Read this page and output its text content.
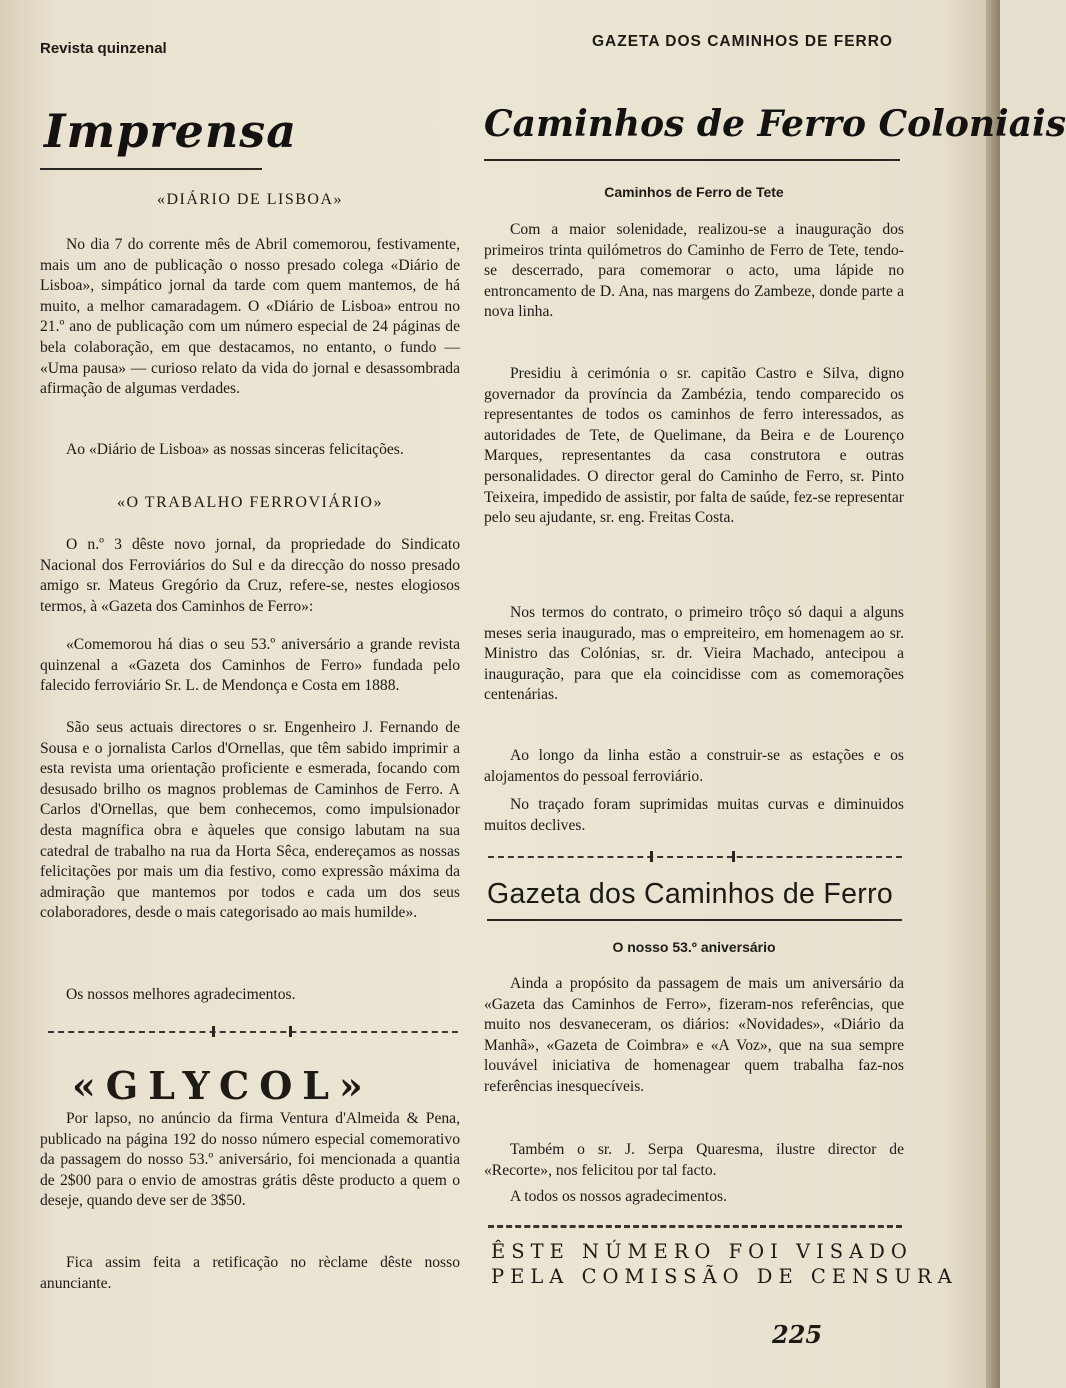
Revista quinzenal	GAZETA DOS CAMINHOS DE FERRO
Imprensa
«DIÁRIO DE LISBOA»

No dia 7 do corrente mês de Abril comemorou, festivamente, mais um ano de publicação o nosso presado colega «Diário de Lisboa», simpático jornal da tarde com quem mantemos, de há muito, a melhor camaradagem. O «Diário de Lisboa» entrou no 21.º ano de publicação com um número especial de 24 páginas de bela colaboração, em que destacamos, no entanto, o fundo — «Uma pausa» — curioso relato da vida do jornal e desassombrada afirmação de algumas verdades.

Ao «Diário de Lisboa» as nossas sinceras felicitações.

«O TRABALHO FERROVIÁRIO»

O n.º 3 dêste novo jornal, da propriedade do Sindicato Nacional dos Ferroviários do Sul e da direcção do nosso presado amigo sr. Mateus Gregório da Cruz, refere-se, nestes elogiosos termos, à «Gazeta dos Caminhos de Ferro»:

«Comemorou há dias o seu 53.º aniversário a grande revista quinzenal a «Gazeta dos Caminhos de Ferro» fundada pelo falecido ferroviário Sr. L. de Mendonça e Costa em 1888.

São seus actuais directores o sr. Engenheiro J. Fernando de Sousa e o jornalista Carlos d'Ornellas, que têm sabido imprimir a esta revista uma orientação proficiente e esmerada, focando com desusado brilho os magnos problemas de Caminhos de Ferro. A Carlos d'Ornellas, que bem conhecemos, como impulsionador desta magnífica obra e àqueles que consigo labutam na sua catedral de trabalho na rua da Horta Sêca, endereçamos as nossas felicitações por mais um dia festivo, como expressão máxima da admiração que mantemos por todos e cada um dos seus colaboradores, desde o mais categorisado ao mais humilde».

Os nossos melhores agradecimentos.

«GLYCOL»

Por lapso, no anúncio da firma Ventura d'Almeida & Pena, publicado na página 192 do nosso número especial comemorativo da passagem do nosso 53.º aniversário, foi mencionada a quantia de 2$00 para o envio de amostras grátis dêste producto a quem o deseje, quando deve ser de 3$50.

Fica assim feita a retificação no rèclame dêste nosso anunciante.

Caminhos de Ferro Coloniais
Caminhos de Ferro de Tete

Com a maior solenidade, realizou-se a inauguração dos primeiros trinta quilómetros do Caminho de Ferro de Tete, tendo-se descerrado, para comemorar o acto, uma lápide no entroncamento de D. Ana, nas margens do Zambeze, donde parte a nova linha.

Presidiu à cerimónia o sr. capitão Castro e Silva, digno governador da província da Zambézia, tendo comparecido os representantes de todos os caminhos de ferro interessados, as autoridades de Tete, de Quelimane, da Beira e de Lourenço Marques, representantes da casa construtora e outras personalidades. O director geral do Caminho de Ferro, sr. Pinto Teixeira, impedido de assistir, por falta de saúde, fez-se representar pelo seu ajudante, sr. eng. Freitas Costa.

Nos termos do contrato, o primeiro trôço só daqui a alguns meses seria inaugurado, mas o empreiteiro, em homenagem ao sr. Ministro das Colónias, sr. dr. Vieira Machado, antecipou a inauguração, para que ela coincidisse com as comemorações centenárias.

Ao longo da linha estão a construir-se as estações e os alojamentos do pessoal ferroviário.

No traçado foram suprimidas muitas curvas e diminuidos muitos declives.

Gazeta dos Caminhos de Ferro
O nosso 53.º aniversário

Ainda a propósito da passagem de mais um aniversário da «Gazeta das Caminhos de Ferro», fizeram-nos referências, que muito nos desvaneceram, os diários: «Novidades», «Diário da Manhã», «Gazeta de Coimbra» e «A Voz», que na sua sempre louvável iniciativa de homenagear quem trabalha faz-nos referências inesquecíveis.

Também o sr. J. Serpa Quaresma, ilustre director de «Recorte», nos felicitou por tal facto.

A todos os nossos agradecimentos.

ÊSTE NÚMERO FOI VISADO
PELA COMISSÃO DE CENSURA
225
